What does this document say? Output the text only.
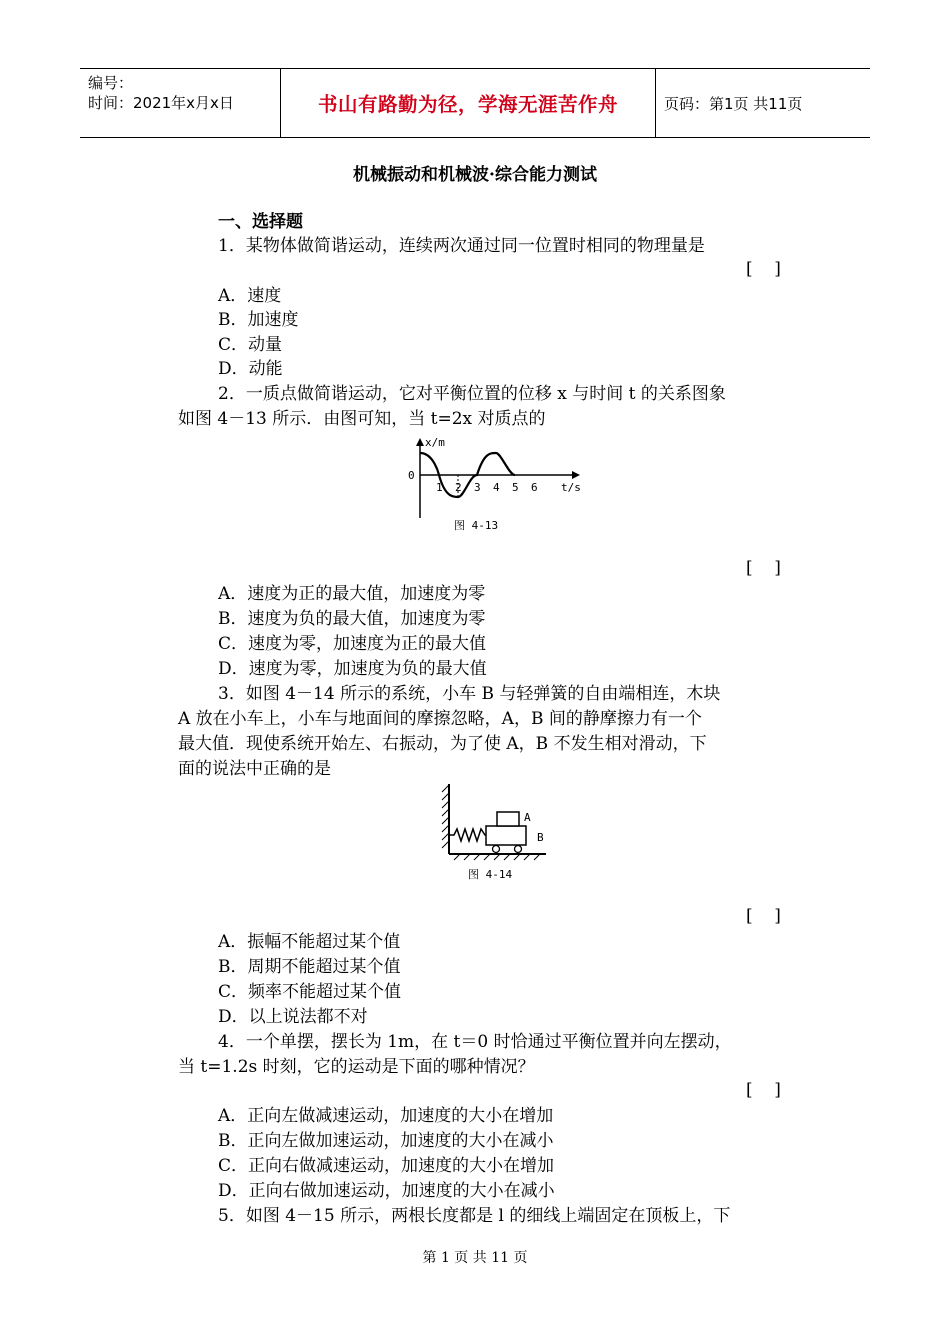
编号：
时间：2021年x月x日	书山有路勤为径，学海无涯苦作舟	页码：第1页 共11页
机械振动和机械波·综合能力测试
一、选择题
1．某物体做简谐运动，连续两次通过同一位置时相同的物理量是
[    ]
A．速度
B．加速度
C．动量
D．动能
2．一质点做简谐运动，它对平衡位置的位移 x 与时间 t 的关系图象
如图 4－13 所示．由图可知，当 t=2x 对质点的
x/m
0
t/s
1 2 3 4 5 6
图 4-13
[    ]
A．速度为正的最大值，加速度为零
B．速度为负的最大值，加速度为零
C．速度为零，加速度为正的最大值
D．速度为零，加速度为负的最大值
3．如图 4－14 所示的系统，小车 B 与轻弹簧的自由端相连，木块
A 放在小车上，小车与地面间的摩擦忽略，A，B 间的静摩擦力有一个
最大值．现使系统开始左、右振动，为了使 A，B 不发生相对滑动，下
面的说法中正确的是
A
B
图 4-14
[    ]
A．振幅不能超过某个值
B．周期不能超过某个值
C．频率不能超过某个值
D．以上说法都不对
4．一个单摆，摆长为 1m，在 t＝0 时恰通过平衡位置并向左摆动，
当 t=1.2s 时刻，它的运动是下面的哪种情况？
[    ]
A．正向左做减速运动，加速度的大小在增加
B．正向左做加速运动，加速度的大小在减小
C．正向右做减速运动，加速度的大小在增加
D．正向右做加速运动，加速度的大小在减小
5．如图 4－15 所示，两根长度都是 l 的细线上端固定在顶板上，下
第 1 页 共 11 页
